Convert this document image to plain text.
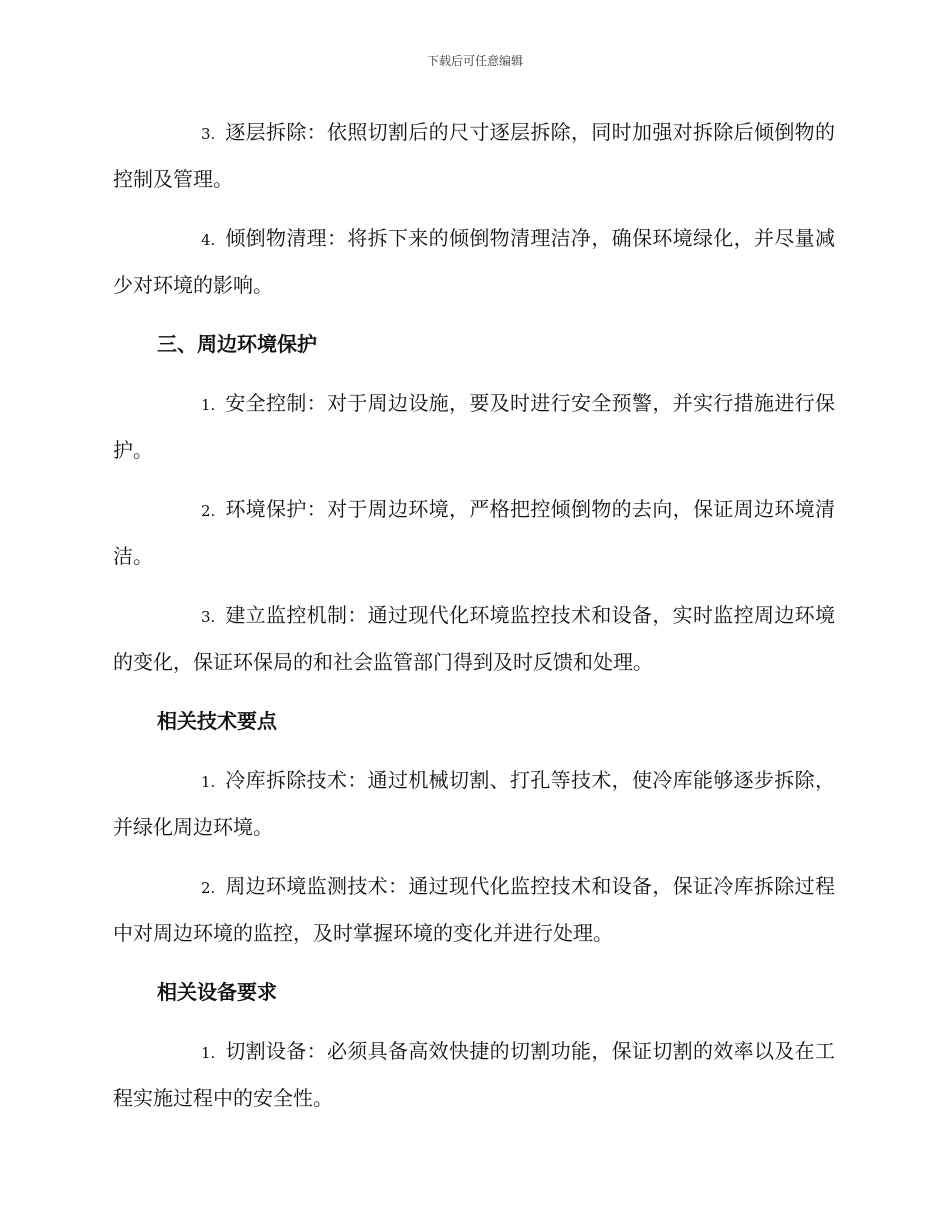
下载后可任意编辑

3. 逐层拆除：依照切割后的尺寸逐层拆除，同时加强对拆除后倾倒物的控制及管理。

4. 倾倒物清理：将拆下来的倾倒物清理洁净，确保环境绿化，并尽量减少对环境的影响。

三、周边环境保护

1. 安全控制：对于周边设施，要及时进行安全预警，并实行措施进行保护。

2. 环境保护：对于周边环境，严格把控倾倒物的去向，保证周边环境清洁。

3. 建立监控机制：通过现代化环境监控技术和设备，实时监控周边环境的变化，保证环保局的和社会监管部门得到及时反馈和处理。

相关技术要点

1. 冷库拆除技术：通过机械切割、打孔等技术，使冷库能够逐步拆除，并绿化周边环境。

2. 周边环境监测技术：通过现代化监控技术和设备，保证冷库拆除过程中对周边环境的监控，及时掌握环境的变化并进行处理。

相关设备要求

1. 切割设备：必须具备高效快捷的切割功能，保证切割的效率以及在工程实施过程中的安全性。
